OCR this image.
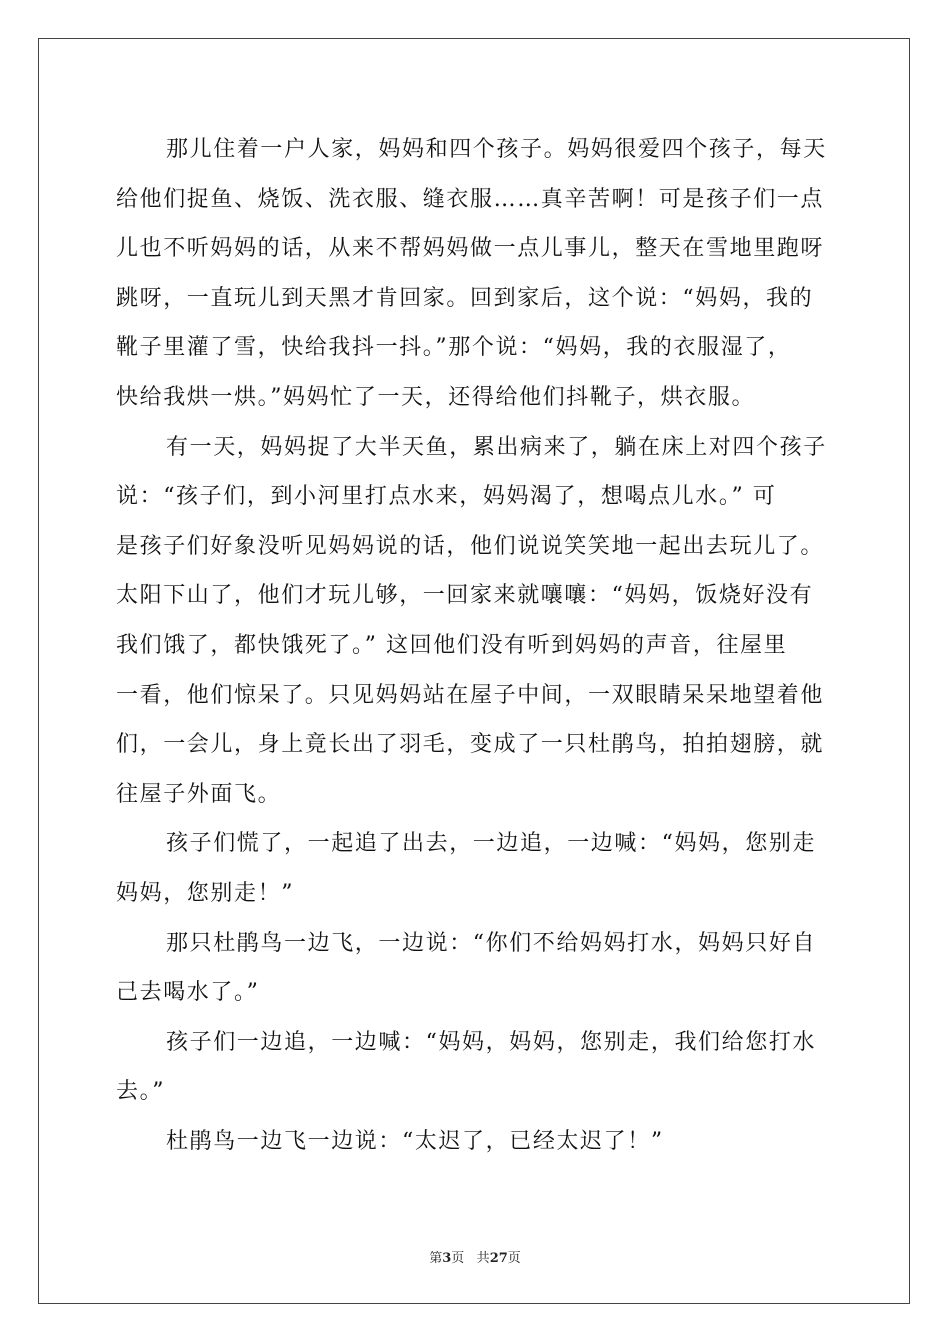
那儿住着一户人家，妈妈和四个孩子。妈妈很爱四个孩子，每天
给他们捉鱼、烧饭、洗衣服、缝衣服……真辛苦啊！可是孩子们一点
儿也不听妈妈的话，从来不帮妈妈做一点儿事儿，整天在雪地里跑呀
跳呀，一直玩儿到天黑才肯回家。回到家后，这个说：“妈妈，我的
靴子里灌了雪，快给我抖一抖。”那个说：“妈妈，我的衣服湿了，
快给我烘一烘。”妈妈忙了一天，还得给他们抖靴子，烘衣服。
有一天，妈妈捉了大半天鱼，累出病来了，躺在床上对四个孩子
说：“孩子们，到小河里打点水来，妈妈渴了，想喝点儿水。” 可
是孩子们好象没听见妈妈说的话，他们说说笑笑地一起出去玩儿了。
太阳下山了，他们才玩儿够，一回家来就嚷嚷：“妈妈，饭烧好没有
我们饿了，都快饿死了。” 这回他们没有听到妈妈的声音，往屋里
一看，他们惊呆了。只见妈妈站在屋子中间，一双眼睛呆呆地望着他
们，一会儿，身上竟长出了羽毛，变成了一只杜鹃鸟，拍拍翅膀，就
往屋子外面飞。
孩子们慌了，一起追了出去，一边追，一边喊：“妈妈，您别走
妈妈，您别走！”
那只杜鹃鸟一边飞，一边说：“你们不给妈妈打水，妈妈只好自
己去喝水了。”
孩子们一边追，一边喊：“妈妈，妈妈，您别走，我们给您打水
去。”
杜鹃鸟一边飞一边说：“太迟了，已经太迟了！”
第3页 共27页
